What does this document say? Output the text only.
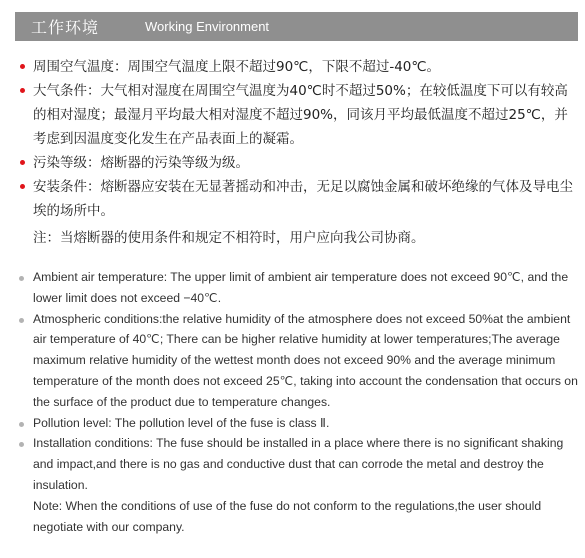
工作环境	Working Environment
周围空气温度：周围空气温度上限不超过90℃，下限不超过-40℃。
大气条件：大气相对湿度在周围空气温度为40℃时不超过50%；在较低温度下可以有较高的相对湿度；最湿月平均最大相对湿度不超过90%，同该月平均最低温度不超过25℃，并考虑到因温度变化发生在产品表面上的凝霜。
污染等级：熔断器的污染等级为级。
安装条件：熔断器应安装在无显著摇动和冲击，无足以腐蚀金属和破坏绝缘的气体及导电尘埃的场所中。
注：当熔断器的使用条件和规定不相符时，用户应向我公司协商。
Ambient air temperature: The upper limit of ambient air temperature does not exceed 90℃, and the lower limit does not exceed −40℃.
Atmospheric conditions:the relative humidity of the atmosphere does not exceed 50%at the ambient air temperature of 40℃; There can be higher relative humidity at lower temperatures;The average maximum relative humidity of the wettest month does not exceed 90% and the average minimum temperature of the month does not exceed 25℃, taking into account the condensation that occurs on the surface of the product due to temperature changes.
Pollution level: The pollution level of the fuse is class Ⅱ.
Installation conditions: The fuse should be installed in a place where there is no significant shaking and impact,and there is no gas and conductive dust that can corrode the metal and destroy the insulation.
Note: When the conditions of use of the fuse do not conform to the regulations,the user should negotiate with our company.
